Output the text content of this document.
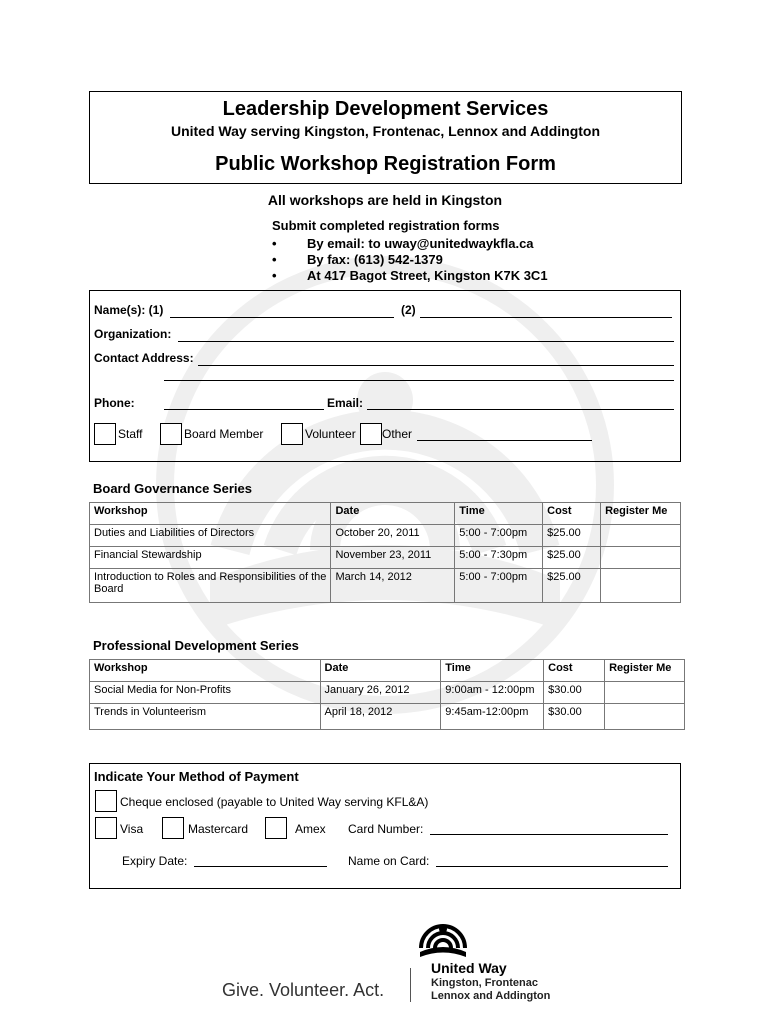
Leadership Development Services
United Way serving Kingston, Frontenac, Lennox and Addington
Public Workshop Registration Form
All workshops are held in Kingston
Submit completed registration forms
• By email: to uway@unitedwaykfla.ca
• By fax: (613) 542-1379
• At 417 Bagot Street, Kingston K7K 3C1
Name(s): (1)	(2)
Organization:
Contact Address:
Phone:	Email:
Staff	Board Member	Volunteer Other
Board Governance Series
Workshop	Date	Time	Cost	Register Me
Duties and Liabilities of Directors	October 20, 2011	5:00 - 7:00pm	$25.00	
Financial Stewardship	November 23, 2011	5:00 - 7:30pm	$25.00	
Introduction to Roles and Responsibilities of the Board	March 14, 2012	5:00 - 7:00pm	$25.00	
Professional Development Series
Workshop	Date	Time	Cost	Register Me
Social Media for Non-Profits	January 26, 2012	9:00am - 12:00pm	$30.00	
Trends in Volunteerism	April 18, 2012	9:45am-12:00pm	$30.00	
Indicate Your Method of Payment
Cheque enclosed (payable to United Way serving KFL&A)
Visa	Mastercard	Amex Card Number:
Expiry Date:	Name on Card:
Give. Volunteer. Act.
United Way
Kingston, Frontenac
Lennox and Addington
